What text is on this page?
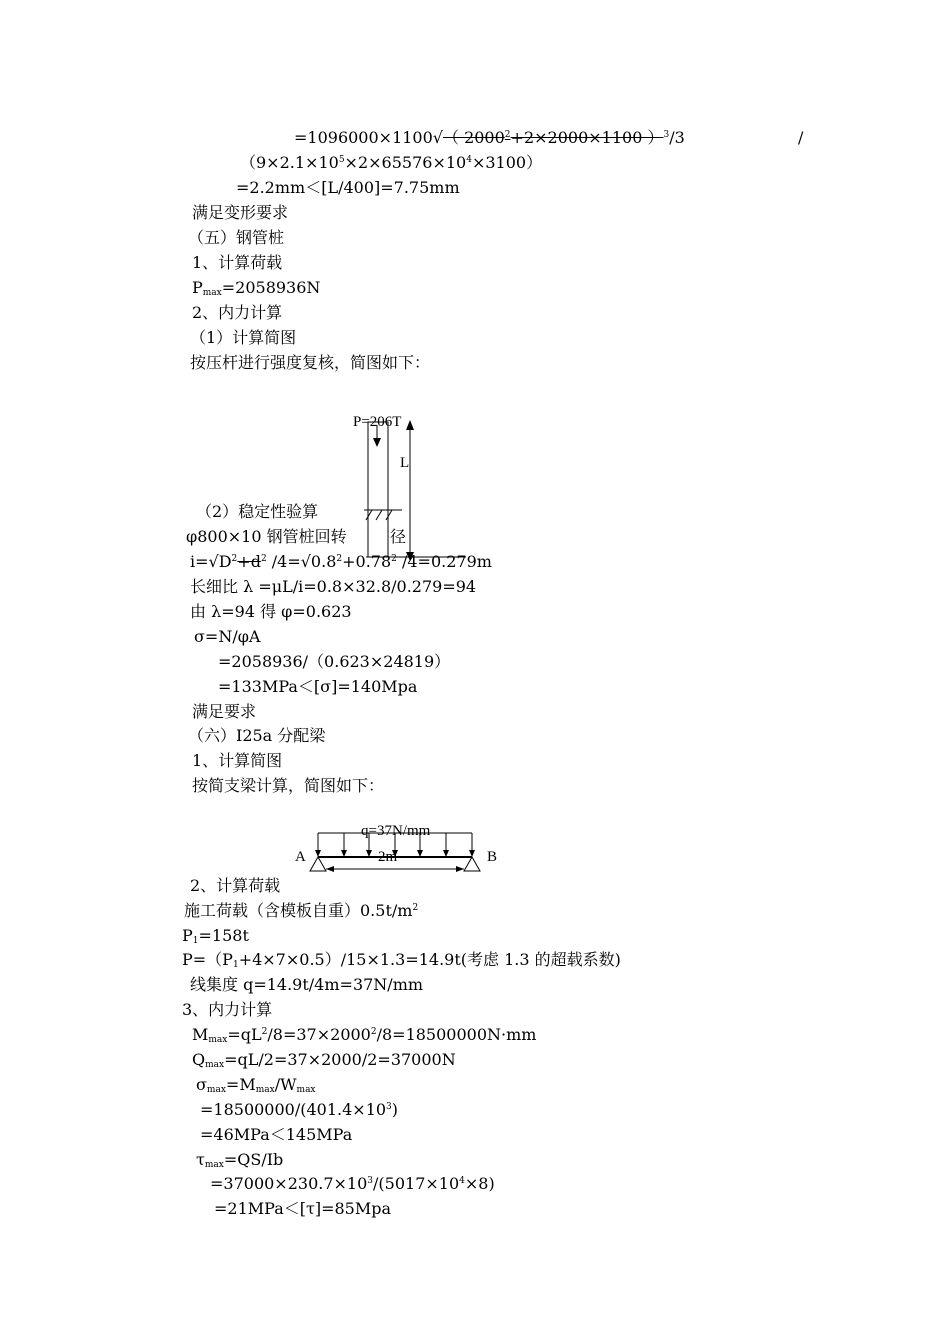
=1096000×1100√（ $2000^2+2\times 2000\times 1100$ ）$^3$/3	/
$(9\times 2.1\times 10^5\times 2\times 65576\times 10^4\times 3100)$
=2.2mm＜[L/400]=7.75mm
满足变形要求
（五）钢管桩
1、计算荷载
$P_{max}=2058936N$
2、内力计算
（1）计算简图
按压杆进行强度复核，简图如下：
P=206T
L
（2）稳定性验算
φ800×10 钢管桩回转	径
$i=√D^2+d^2$ $/4=√0.8^2+0.78^2$ /4=0.279m
长细比 λ =μL/i=0.8×32.8/0.279=94
由 λ=94 得 φ=0.623
σ=N/φA
=2058936/（0.623×24819）
=133MPa＜[σ]=140Mpa
满足要求
（六）I25a 分配梁
1、计算简图
按简支梁计算，简图如下：
q=37N/mm
2m
A	B
2、计算荷载
施工荷载（含模板自重）$0.5t/m^2$
$P_1=158t$
$P=(P_1+4\times 7\times 0.5)/15\times 1.3=14.9t$(考虑 1.3 的超载系数)
线集度 q=14.9t/4m=37N/mm
3、内力计算
$M_{max}=qL^2/8=37\times 2000^2/8=18500000N\cdot mm$
$Q_{max}=qL/2=37\times 2000/2=37000N$
$\sigma_{max}=M_{max}/W_{max}$
$=18500000/(401.4\times 10^3)$
=46MPa＜145MPa
$\tau_{max}=QS/Ib$
$=37000\times 230.7\times 10^3/(5017\times 10^4\times 8)$
=21MPa＜[τ]=85Mpa
